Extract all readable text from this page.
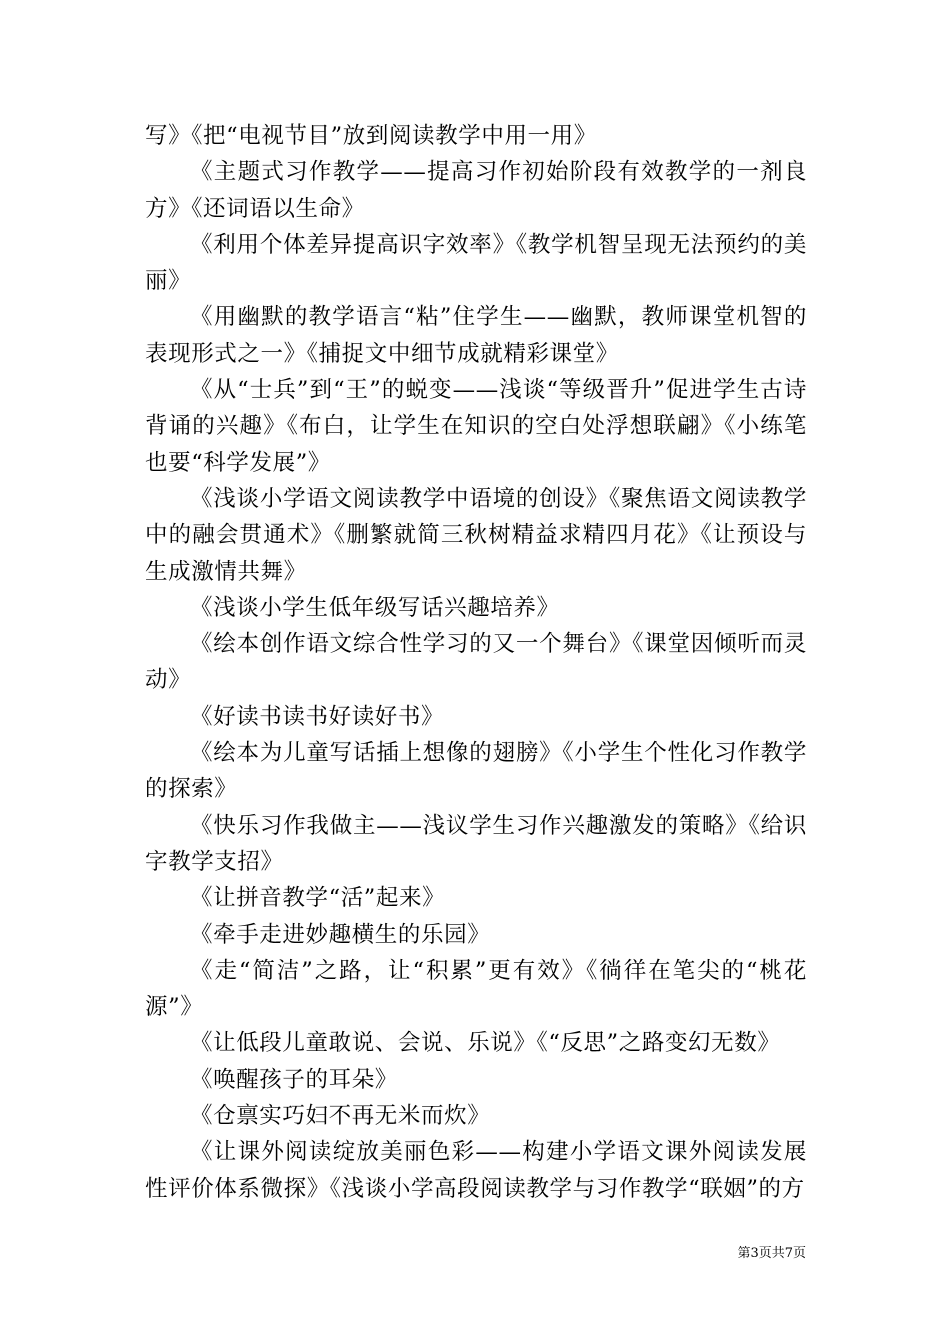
写》《把“电视节目”放到阅读教学中用一用》

《主题式习作教学——提高习作初始阶段有效教学的一剂良方》《还词语以生命》

《利用个体差异提高识字效率》《教学机智呈现无法预约的美丽》

《用幽默的教学语言“粘”住学生——幽默，教师课堂机智的表现形式之一》《捕捉文中细节成就精彩课堂》

《从“士兵”到“王”的蜕变——浅谈“等级晋升”促进学生古诗背诵的兴趣》《布白，让学生在知识的空白处浮想联翩》《小练笔也要“科学发展”》

《浅谈小学语文阅读教学中语境的创设》《聚焦语文阅读教学中的融会贯通术》《删繁就简三秋树精益求精四月花》《让预设与生成激情共舞》

《浅谈小学生低年级写话兴趣培养》

《绘本创作语文综合性学习的又一个舞台》《课堂因倾听而灵动》

《好读书读书好读好书》

《绘本为儿童写话插上想像的翅膀》《小学生个性化习作教学的探索》

《快乐习作我做主——浅议学生习作兴趣激发的策略》《给识字教学支招》

《让拼音教学“活”起来》

《牵手走进妙趣横生的乐园》

《走“简洁”之路，让“积累”更有效》《徜徉在笔尖的“桃花源”》

《让低段儿童敢说、会说、乐说》《“反思”之路变幻无数》

《唤醒孩子的耳朵》

《仓禀实巧妇不再无米而炊》

《让课外阅读绽放美丽色彩——构建小学语文课外阅读发展性评价体系微探》《浅谈小学高段阅读教学与习作教学“联姻”的方

第3页共7页
